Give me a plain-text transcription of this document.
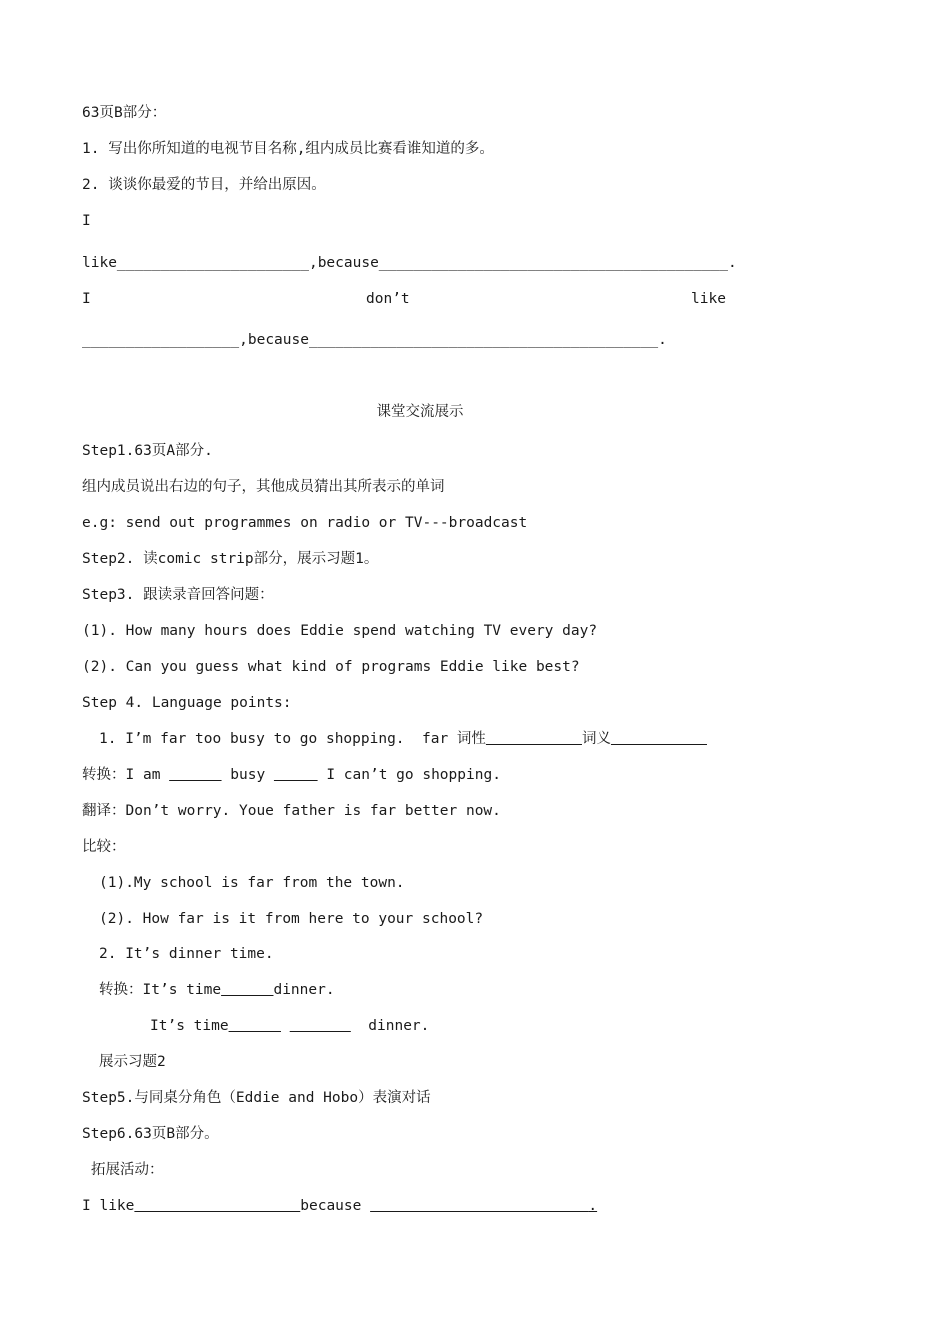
63页B部分：
1. 写出你所知道的电视节目名称,组内成员比赛看谁知道的多。
2. 谈谈你最爱的节目，并给出原因。
I
like______________________,because________________________________________.
I	don’t	like
__________________,because________________________________________.
课堂交流展示
Step1.63页A部分.
组内成员说出右边的句子，其他成员猜出其所表示的单词
e.g: send out programmes on radio or TV---broadcast
Step2. 读comic strip部分，展示习题1。
Step3. 跟读录音回答问题：
(1). How many hours does Eddie spend watching TV every day?
(2). Can you guess what kind of programs Eddie like best?
Step 4. Language points:
1. I’m far too busy to go shopping.  far 词性	词义
转换：I am	busy	I can’t go shopping.
翻译：Don’t worry. Youe father is far better now.
比较：
(1).My school is far from the town.
(2). How far is it from here to your school?
2. It’s dinner time.
转换：It’s time	dinner.
It’s time	dinner.
展示习题2
Step5.与同桌分角色（Eddie and Hobo）表演对话
Step6.63页B部分。
拓展活动：
I like	because	.
